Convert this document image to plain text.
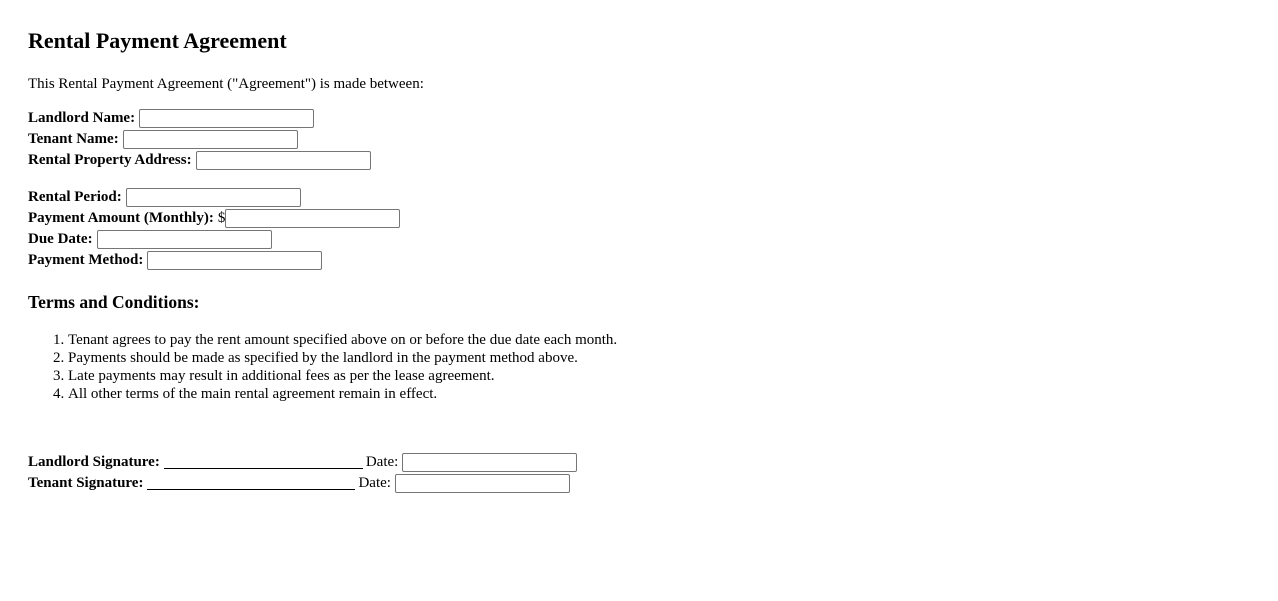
Rental Payment Agreement
This Rental Payment Agreement ("Agreement") is made between:
Landlord Name:
Tenant Name:
Rental Property Address:
Rental Period:
Payment Amount (Monthly): $
Due Date:
Payment Method:
Terms and Conditions:
1. Tenant agrees to pay the rent amount specified above on or before the due date each month.
2. Payments should be made as specified by the landlord in the payment method above.
3. Late payments may result in additional fees as per the lease agreement.
4. All other terms of the main rental agreement remain in effect.
Landlord Signature:	Date:
Tenant Signature:	Date:
